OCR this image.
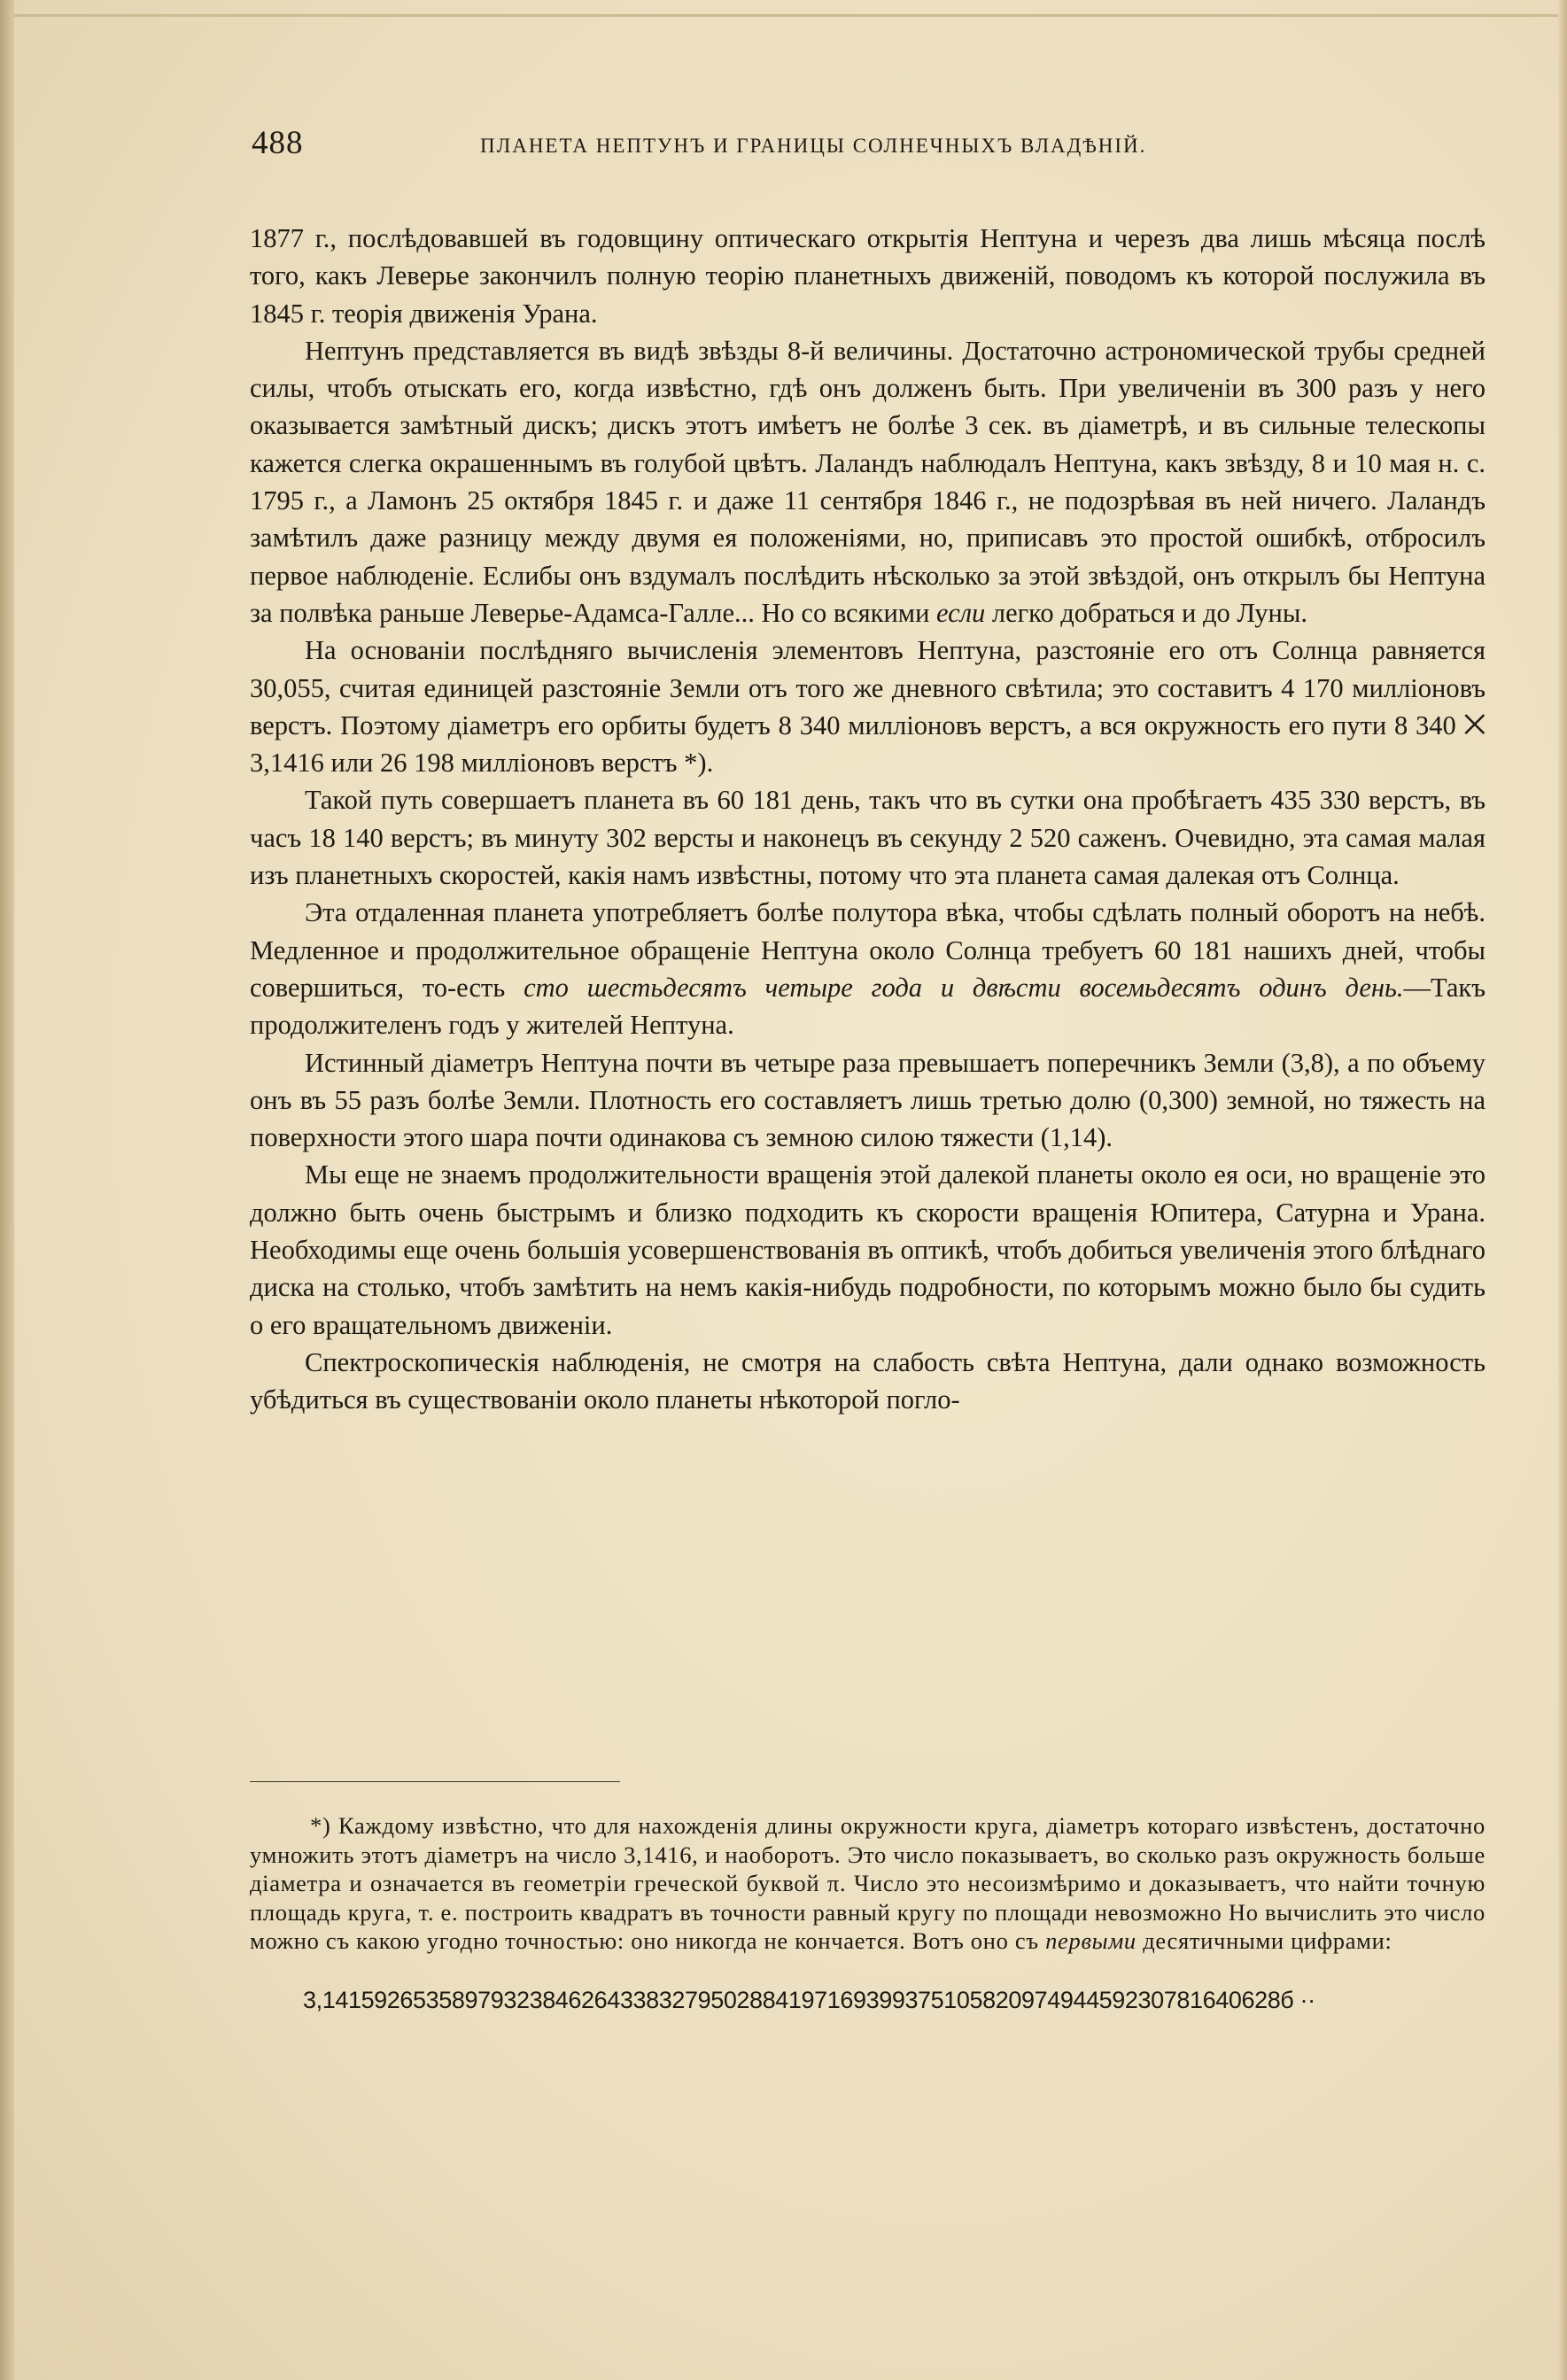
488	ПЛАНЕТА НЕПТУНЪ И ГРАНИЦЫ СОЛНЕЧНЫХЪ ВЛАДѢНІЙ.

1877 г., послѣдовавшей въ годовщину оптическаго открытія Нептуна и черезъ два лишь мѣсяца послѣ того, какъ Леверье закончилъ полную теорію планетныхъ движеній, поводомъ къ которой послужила въ 1845 г. теорія движенія Урана.

Нептунъ представляется въ видѣ звѣзды 8-й величины. Достаточно астрономической трубы средней силы, чтобъ отыскать его, когда извѣстно, гдѣ онъ долженъ быть. При увеличеніи въ 300 разъ у него оказывается замѣтный дискъ; дискъ этотъ имѣетъ не болѣе 3 сек. въ діаметрѣ, и въ сильные телескопы кажется слегка окрашеннымъ въ голубой цвѣтъ. Лаландъ наблюдалъ Нептуна, какъ звѣзду, 8 и 10 мая н. с. 1795 г., а Ламонъ 25 октября 1845 г. и даже 11 сентября 1846 г., не подозрѣвая въ ней ничего. Лаландъ замѣтилъ даже разницу между двумя ея положеніями, но, приписавъ это простой ошибкѣ, отбросилъ первое наблюденіе. Еслибы онъ вздумалъ послѣдить нѣсколько за этой звѣздой, онъ открылъ бы Нептуна за полвѣка раньше Леверье-Адамса-Галле... Но со всякими если легко добраться и до Луны.

На основаніи послѣдняго вычисленія элементовъ Нептуна, разстояніе его отъ Солнца равняется 30,055, считая единицей разстояніе Земли отъ того же дневного свѣтила; это составитъ 4 170 милліоновъ верстъ. Поэтому діаметръ его орбиты будетъ 8 340 милліоновъ верстъ, а вся окружность его пути 8 340 ⨉ 3,1416 или 26 198 милліоновъ верстъ *).

Такой путь совершаетъ планета въ 60 181 день, такъ что въ сутки она пробѣгаетъ 435 330 верстъ, въ часъ 18 140 верстъ; въ минуту 302 версты и наконецъ въ секунду 2 520 саженъ. Очевидно, эта самая малая изъ планетныхъ скоростей, какія намъ извѣстны, потому что эта планета самая далекая отъ Солнца.

Эта отдаленная планета употребляетъ болѣе полутора вѣка, чтобы сдѣлать полный оборотъ на небѣ. Медленное и продолжительное обращеніе Нептуна около Солнца требуетъ 60 181 нашихъ дней, чтобы совершиться, то-есть сто шестьдесятъ четыре года и двѣсти восемьдесятъ одинъ день.—Такъ продолжителенъ годъ у жителей Нептуна.

Истинный діаметръ Нептуна почти въ четыре раза превышаетъ поперечникъ Земли (3,8), а по объему онъ въ 55 разъ болѣе Земли. Плотность его составляетъ лишь третью долю (0,300) земной, но тяжесть на поверхности этого шара почти одинакова съ земною силою тяжести (1,14).

Мы еще не знаемъ продолжительности вращенія этой далекой планеты около ея оси, но вращеніе это должно быть очень быстрымъ и близко подходить къ скорости вращенія Юпитера, Сатурна и Урана. Необходимы еще очень большія усовершенствованія въ оптикѣ, чтобъ добиться увеличенія этого блѣднаго диска на столько, чтобъ замѣтить на немъ какія-нибудь подробности, по которымъ можно было бы судить о его вращательномъ движеніи.

Спектроскопическія наблюденія, не смотря на слабость свѣта Нептуна, дали однако возможность убѣдиться въ существованіи около планеты нѣкоторой погло-

*) Каждому извѣстно, что для нахожденія длины окружности круга, діаметръ котораго извѣстенъ, достаточно умножить этотъ діаметръ на число 3,1416, и наоборотъ. Это число показываетъ, во сколько разъ окружность больше діаметра и означается въ геометріи греческой буквой π. Число это несоизмѣримо и доказываетъ, что найти точную площадь круга, т. е. построить квадратъ въ точности равный кругу по площади невозможно Но вычислить это число можно съ какою угодно точностью: оно никогда не кончается. Вотъ оно съ первыми десятичными цифрами:

3,14159265358979323846264338327950288419716939937510582097494459230781640628б ··
